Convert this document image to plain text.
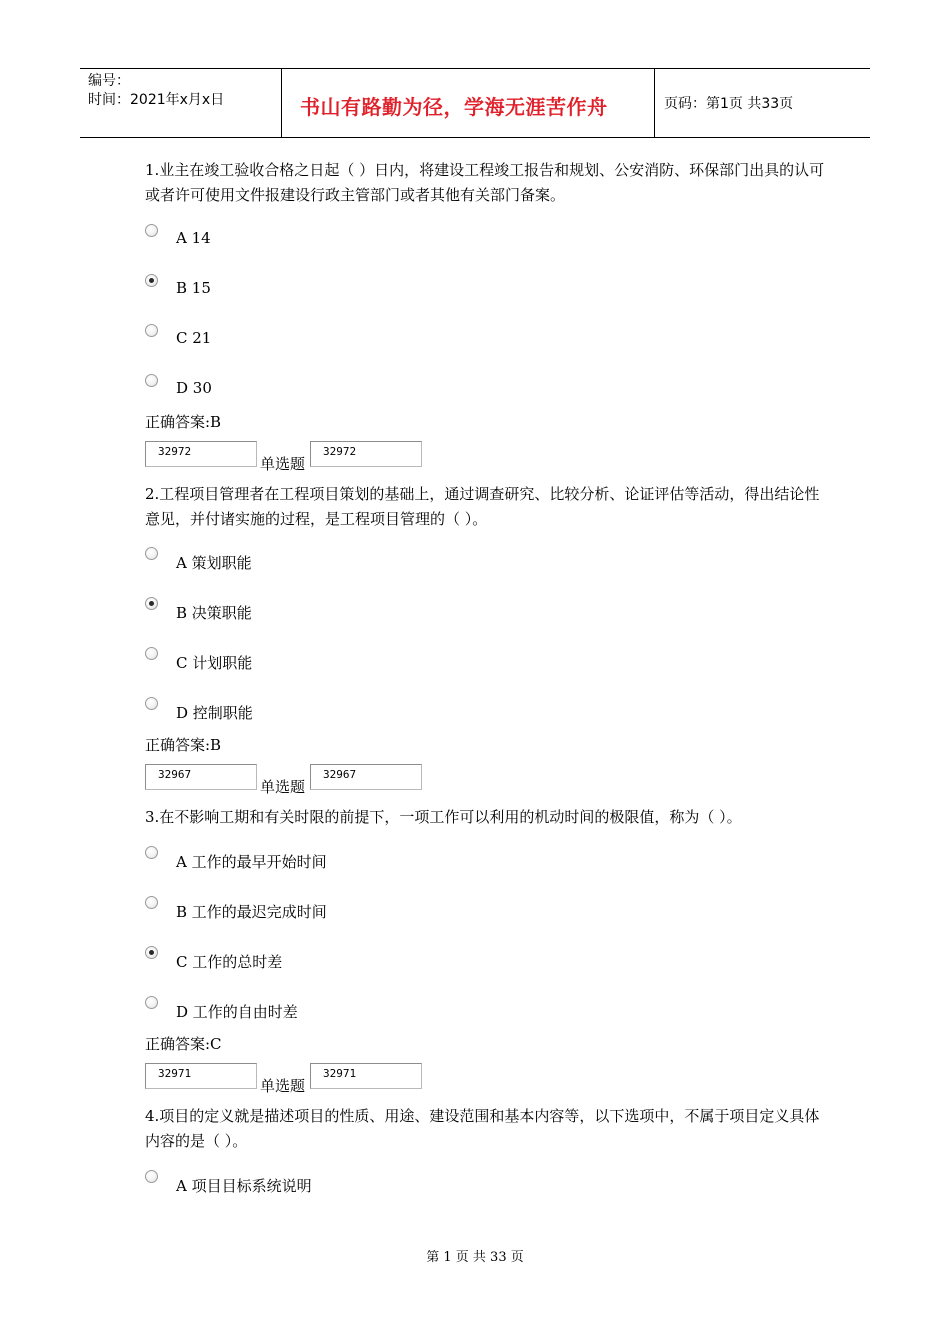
编号：
时间：2021年x月x日	书山有路勤为径，学海无涯苦作舟	页码：第1页 共33页
1.业主在竣工验收合格之日起（ ）日内，将建设工程竣工报告和规划、公安消防、环保部门出具的认可或者许可使用文件报建设行政主管部门或者其他有关部门备案。
A 14
B 15
C 21
D 30
正确答案:B
32972
单选题
32972
2.工程项目管理者在工程项目策划的基础上，通过调查研究、比较分析、论证评估等活动，得出结论性意见，并付诸实施的过程，是工程项目管理的（ ）。
A 策划职能
B 决策职能
C 计划职能
D 控制职能
正确答案:B
32967
单选题
32967
3.在不影响工期和有关时限的前提下，一项工作可以利用的机动时间的极限值，称为（ ）。
A 工作的最早开始时间
B 工作的最迟完成时间
C 工作的总时差
D 工作的自由时差
正确答案:C
32971
单选题
32971
4.项目的定义就是描述项目的性质、用途、建设范围和基本内容等，以下选项中，不属于项目定义具体内容的是（ ）。
A 项目目标系统说明
第 1 页 共 33 页
